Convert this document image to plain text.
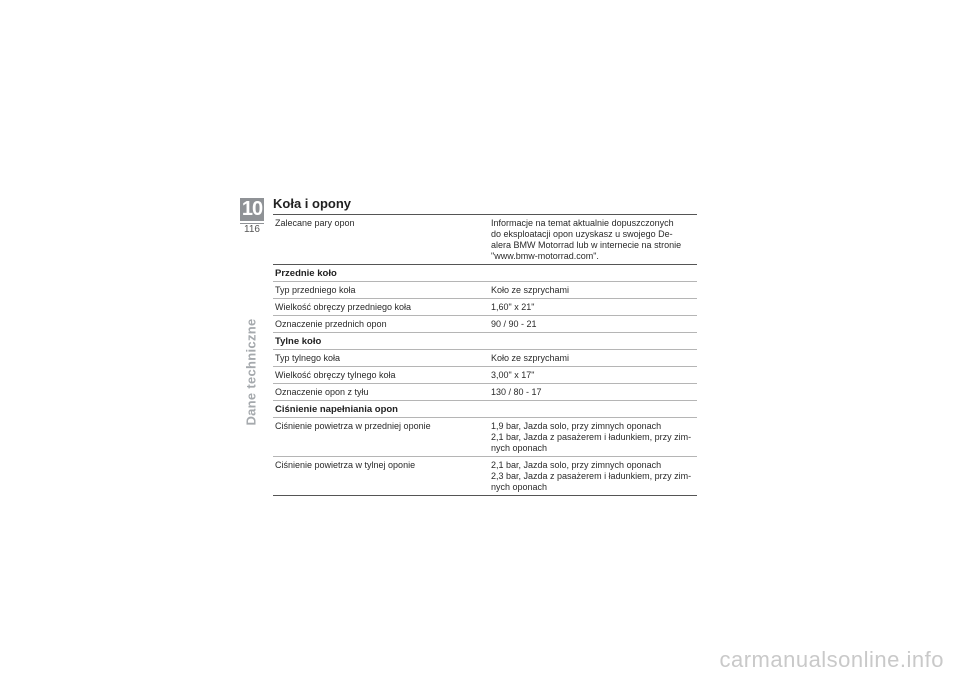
10
116
Dane techniczne
Koła i opony
Zalecane pary opon	Informacje na temat aktualnie dopuszczonych
do eksploatacji opon uzyskasz u swojego De-
alera BMW Motorrad lub w internecie na stronie
"www.bmw-motorrad.com".
Przednie koło
Typ przedniego koła	Koło ze szprychami
Wielkość obręczy przedniego koła	1,60" x 21"
Oznaczenie przednich opon	90 / 90 - 21
Tylne koło
Typ tylnego koła	Koło ze szprychami
Wielkość obręczy tylnego koła	3,00" x 17"
Oznaczenie opon z tyłu	130 / 80 - 17
Ciśnienie napełniania opon
Ciśnienie powietrza w przedniej oponie	1,9 bar, Jazda solo, przy zimnych oponach
2,1 bar, Jazda z pasażerem i ładunkiem, przy zim-
nych oponach
Ciśnienie powietrza w tylnej oponie	2,1 bar, Jazda solo, przy zimnych oponach
2,3 bar, Jazda z pasażerem i ładunkiem, przy zim-
nych oponach
carmanualsonline.info
